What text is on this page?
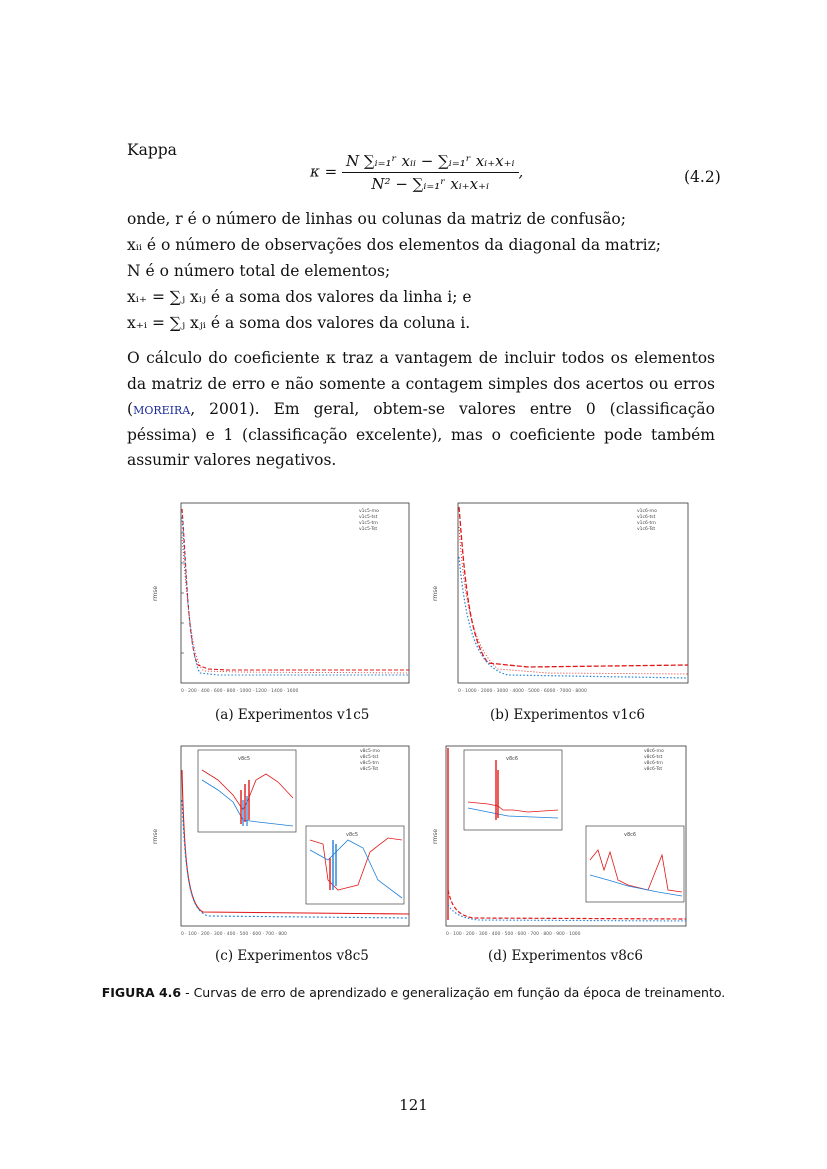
Kappa
$\kappa = \frac{\text{N ∑ᵢ₌₁ʳ xᵢᵢ − ∑ᵢ₌₁ʳ xᵢ₊x₊ᵢ}}{\text{N² − ∑ᵢ₌₁ʳ xᵢ₊x₊ᵢ}}$ ,	(4.2)
onde, r é o número de linhas ou colunas da matriz de confusão;
xᵢᵢ é o número de observações dos elementos da diagonal da matriz;
N é o número total de elementos;
xᵢ₊ = ∑ⱼ xᵢⱼ é a soma dos valores da linha i; e
x₊ᵢ = ∑ⱼ xⱼᵢ é a soma dos valores da coluna i.
O cálculo do coeficiente κ traz a vantagem de incluir todos os elementos da matriz de erro e não somente a contagem simples dos acertos ou erros (moreira, 2001). Em geral, obtem-se valores entre 0 (classificação péssima) e 1 (classificação excelente), mas o coeficiente pode também assumir valores negativos.
rmse
v1c5-rno
v1c5-tst
v1c5-trn
v1c5-Tst
0 · 200 · 400 · 600 · 800 · 1000 · 1200 · 1400 · 1600
(a) Experimentos v1c5
rmse
v1c6-rno
v1c6-tst
v1c6-trn
v1c6-Tst
0 · 1000 · 2000 · 3000 · 4000 · 5000 · 6000 · 7000 · 8000
(b) Experimentos v1c6
rmse
v8c5-rno
v8c5-tst
v8c5-trn
v8c5-Tst
v8c5
v8c5
0 · 100 · 200 · 300 · 400 · 500 · 600 · 700 · 800
(c) Experimentos v8c5
rmse
v8c6-rno
v8c6-tst
v8c6-trn
v8c6-Tst
v8c6
v8c6
0 · 100 · 200 · 300 · 400 · 500 · 600 · 700 · 800 · 900 · 1000
(d) Experimentos v8c6
FIGURA 4.6 - Curvas de erro de aprendizado e generalização em função da época de treinamento.
121
